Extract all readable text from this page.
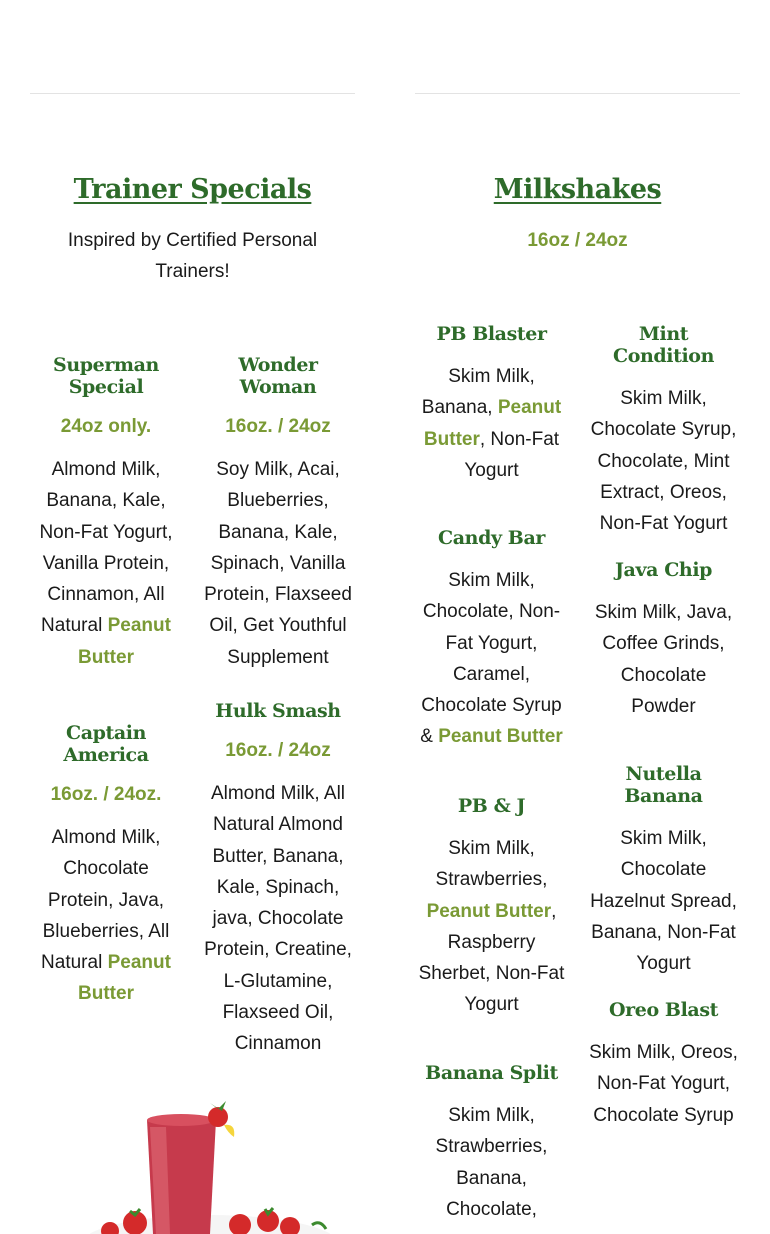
Trainer Specials
Inspired by Certified Personal Trainers!
Superman Special
24oz only.
Almond Milk, Banana, Kale, Non-Fat Yogurt, Vanilla Protein, Cinnamon, All Natural Peanut Butter
Wonder Woman
16oz. / 24oz
Soy Milk, Acai, Blueberries, Banana, Kale, Spinach, Vanilla Protein, Flaxseed Oil, Get Youthful Supplement
Captain America
16oz. / 24oz.
Almond Milk, Chocolate Protein, Java, Blueberries, All Natural Peanut Butter
Hulk Smash
16oz. / 24oz
Almond Milk, All Natural Almond Butter, Banana, Kale, Spinach, java, Chocolate Protein, Creatine, L-Glutamine, Flaxseed Oil, Cinnamon
Milkshakes
16oz / 24oz
PB Blaster
Skim Milk, Banana, Peanut Butter, Non-Fat Yogurt
Mint Condition
Skim Milk, Chocolate Syrup, Chocolate, Mint Extract, Oreos, Non-Fat Yogurt
Candy Bar
Skim Milk, Chocolate, Non-Fat Yogurt, Caramel, Chocolate Syrup & Peanut Butter
Java Chip
Skim Milk, Java, Coffee Grinds, Chocolate Powder
PB & J
Skim Milk, Strawberries, Peanut Butter, Raspberry Sherbet, Non-Fat Yogurt
Nutella Banana
Skim Milk, Chocolate Hazelnut Spread, Banana, Non-Fat Yogurt
Banana Split
Skim Milk, Strawberries, Banana, Chocolate,
Oreo Blast
Skim Milk, Oreos, Non-Fat Yogurt, Chocolate Syrup
